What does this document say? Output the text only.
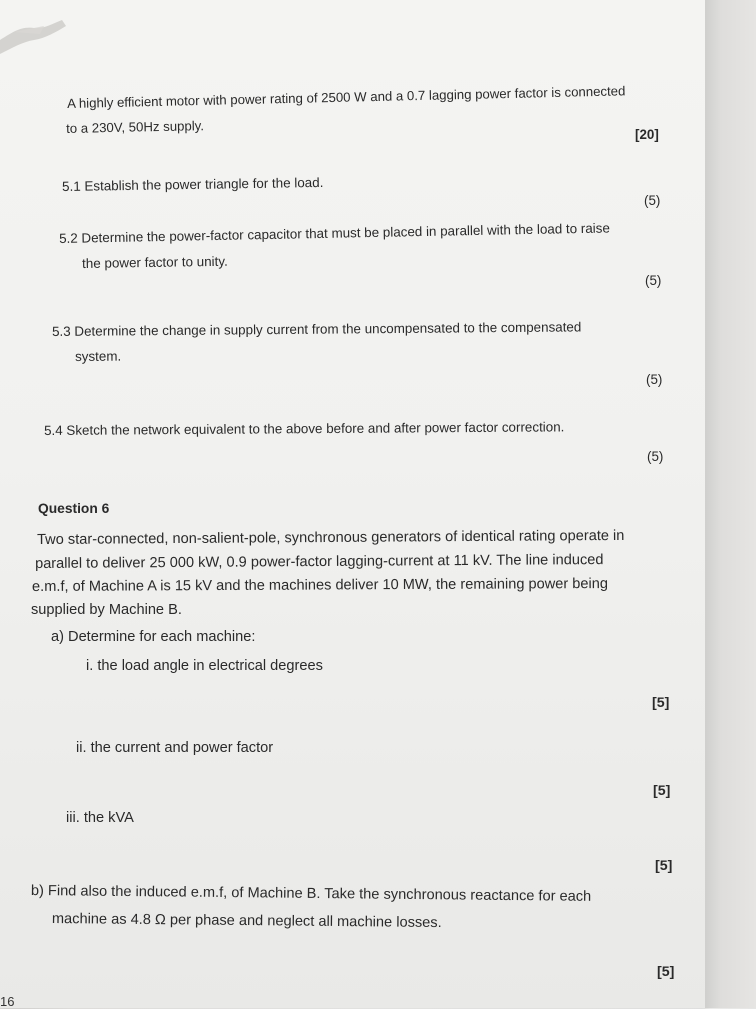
A highly efficient motor with power rating of 2500 W and a 0.7 lagging power factor is connected
to a 230V, 50Hz supply.	[20]
5.1 Establish the power triangle for the load.
(5)
5.2 Determine the power-factor capacitor that must be placed in parallel with the load to raise
the power factor to unity.
(5)
5.3 Determine the change in supply current from the uncompensated to the compensated
system.
(5)
5.4 Sketch the network equivalent to the above before and after power factor correction.
(5)
Question 6
Two star-connected, non-salient-pole, synchronous generators of identical rating operate in
parallel to deliver 25 000 kW, 0.9 power-factor lagging-current at 11 kV. The line induced
e.m.f, of Machine A is 15 kV and the machines deliver 10 MW, the remaining power being
supplied by Machine B.
a) Determine for each machine:
i. the load angle in electrical degrees
[5]
ii. the current and power factor
[5]
iii. the kVA
[5]
b) Find also the induced e.m.f, of Machine B. Take the synchronous reactance for each
machine as 4.8 Ω per phase and neglect all machine losses.
[5]
16
